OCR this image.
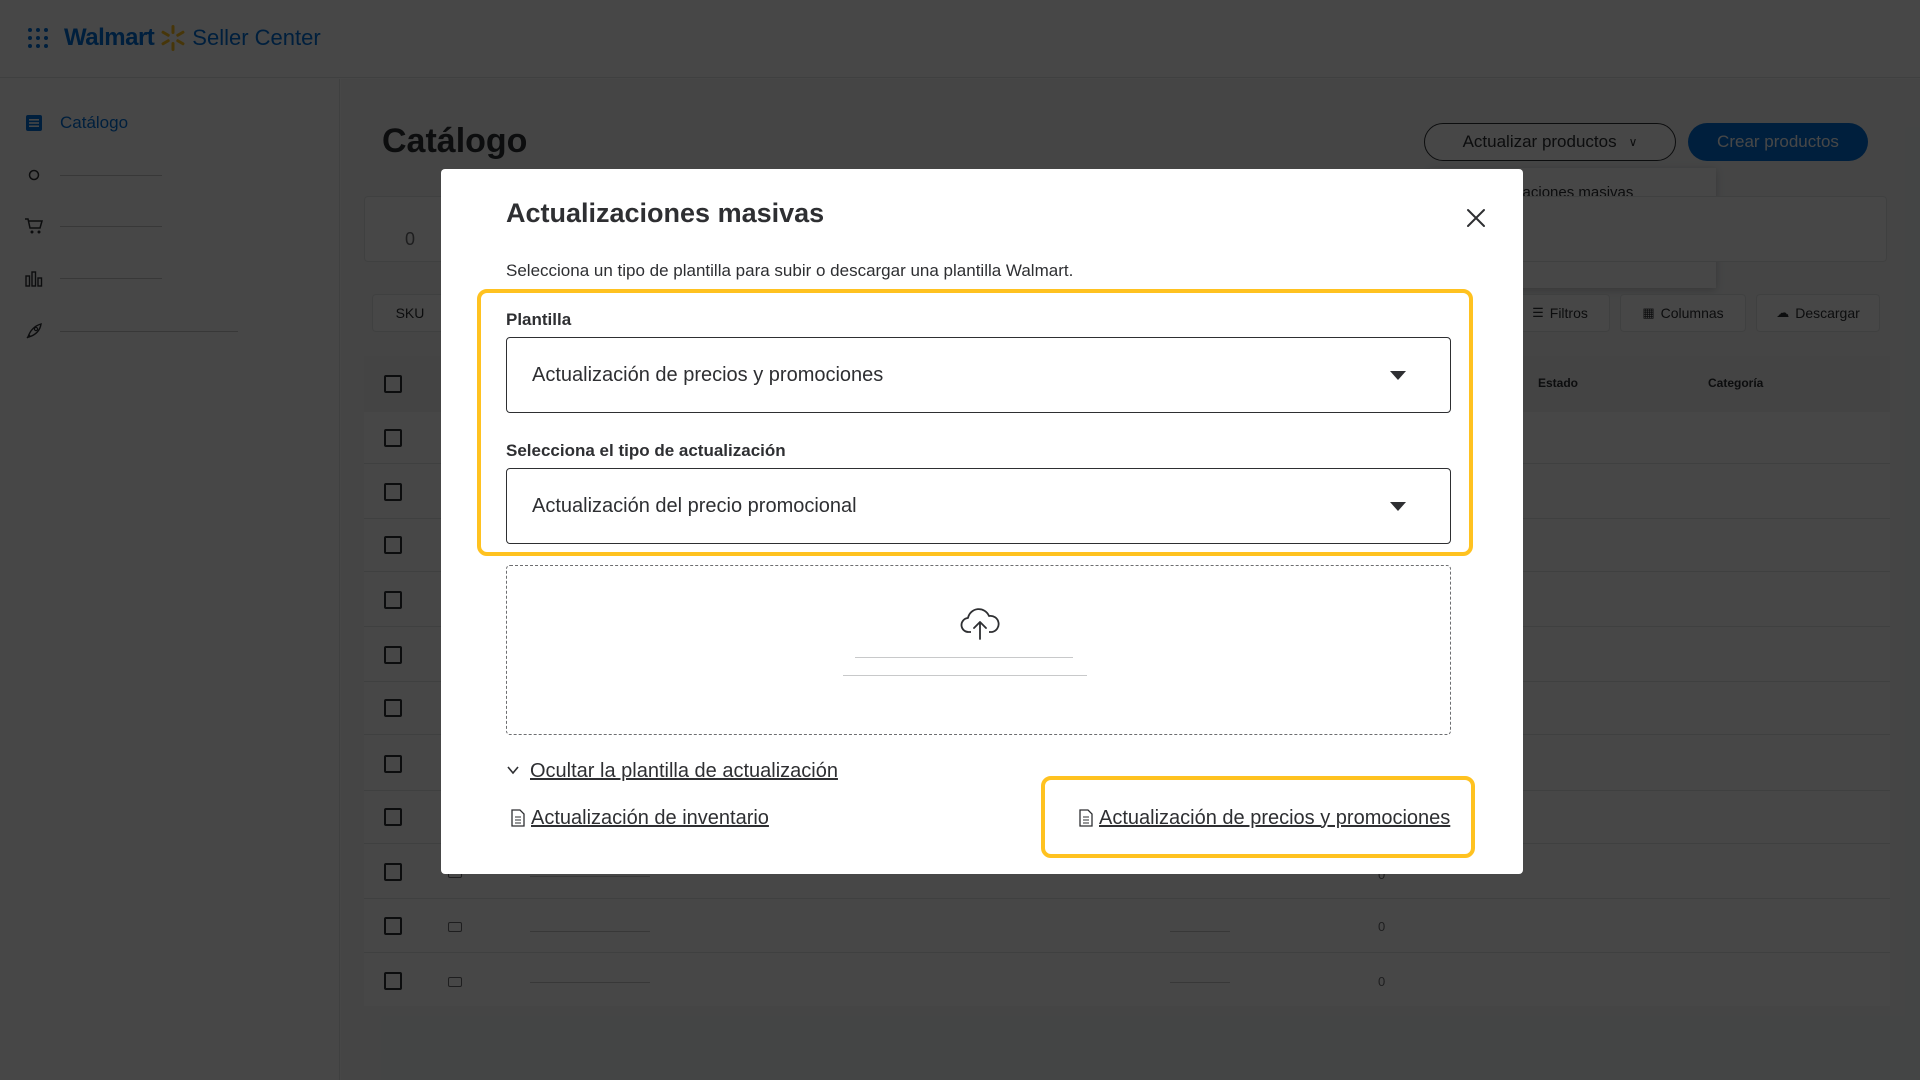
Actualizaciones masivas
Selecciona un tipo de plantilla para subir o descargar una plantilla Walmart.
Plantilla
Actualización de precios y promociones
Selecciona el tipo de actualización
Actualización del precio promocional
Ocultar la plantilla de actualización
Actualización de inventario	Actualización de precios y promociones
